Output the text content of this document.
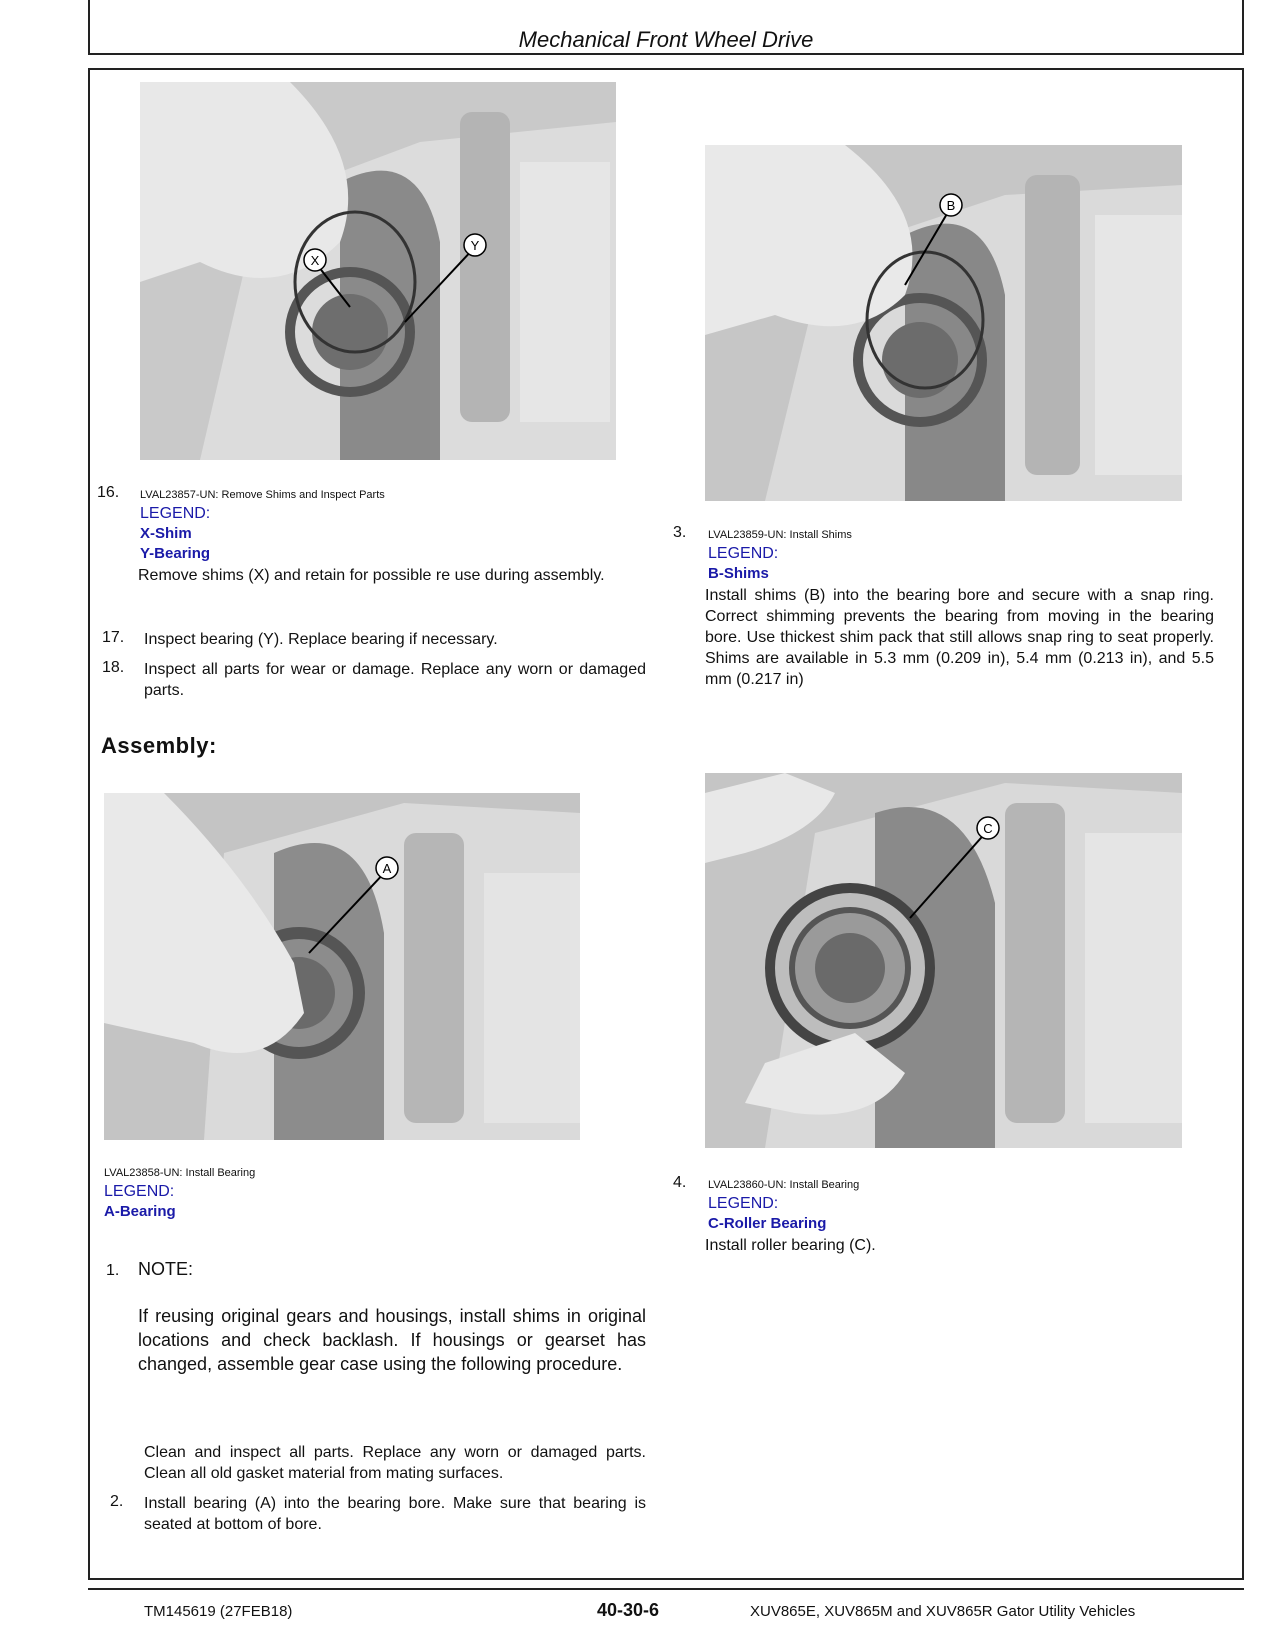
Mechanical Front Wheel Drive
X
Y
16. LVAL23857-UN: Remove Shims and Inspect Parts
LEGEND:
X-Shim
Y-Bearing
Remove shims (X) and retain for possible re use during assembly.
17. Inspect bearing (Y). Replace bearing if necessary.
18. Inspect all parts for wear or damage. Replace any worn or damaged parts.
Assembly:
A
LVAL23858-UN: Install Bearing
LEGEND:
A-Bearing
1. NOTE:
If reusing original gears and housings, install shims in original locations and check backlash. If housings or gearset has changed, assemble gear case using the following procedure.
Clean and inspect all parts. Replace any worn or damaged parts. Clean all old gasket material from mating surfaces.
2. Install bearing (A) into the bearing bore. Make sure that bearing is seated at bottom of bore.
B
3. LVAL23859-UN: Install Shims
LEGEND:
B-Shims
Install shims (B) into the bearing bore and secure with a snap ring. Correct shimming prevents the bearing from moving in the bearing bore. Use thickest shim pack that still allows snap ring to seat properly. Shims are available in 5.3 mm (0.209 in), 5.4 mm (0.213 in), and 5.5 mm (0.217 in)
C
4. LVAL23860-UN: Install Bearing
LEGEND:
C-Roller Bearing
Install roller bearing (C).
TM145619 (27FEB18)	40-30-6	XUV865E, XUV865M and XUV865R Gator Utility Vehicles
